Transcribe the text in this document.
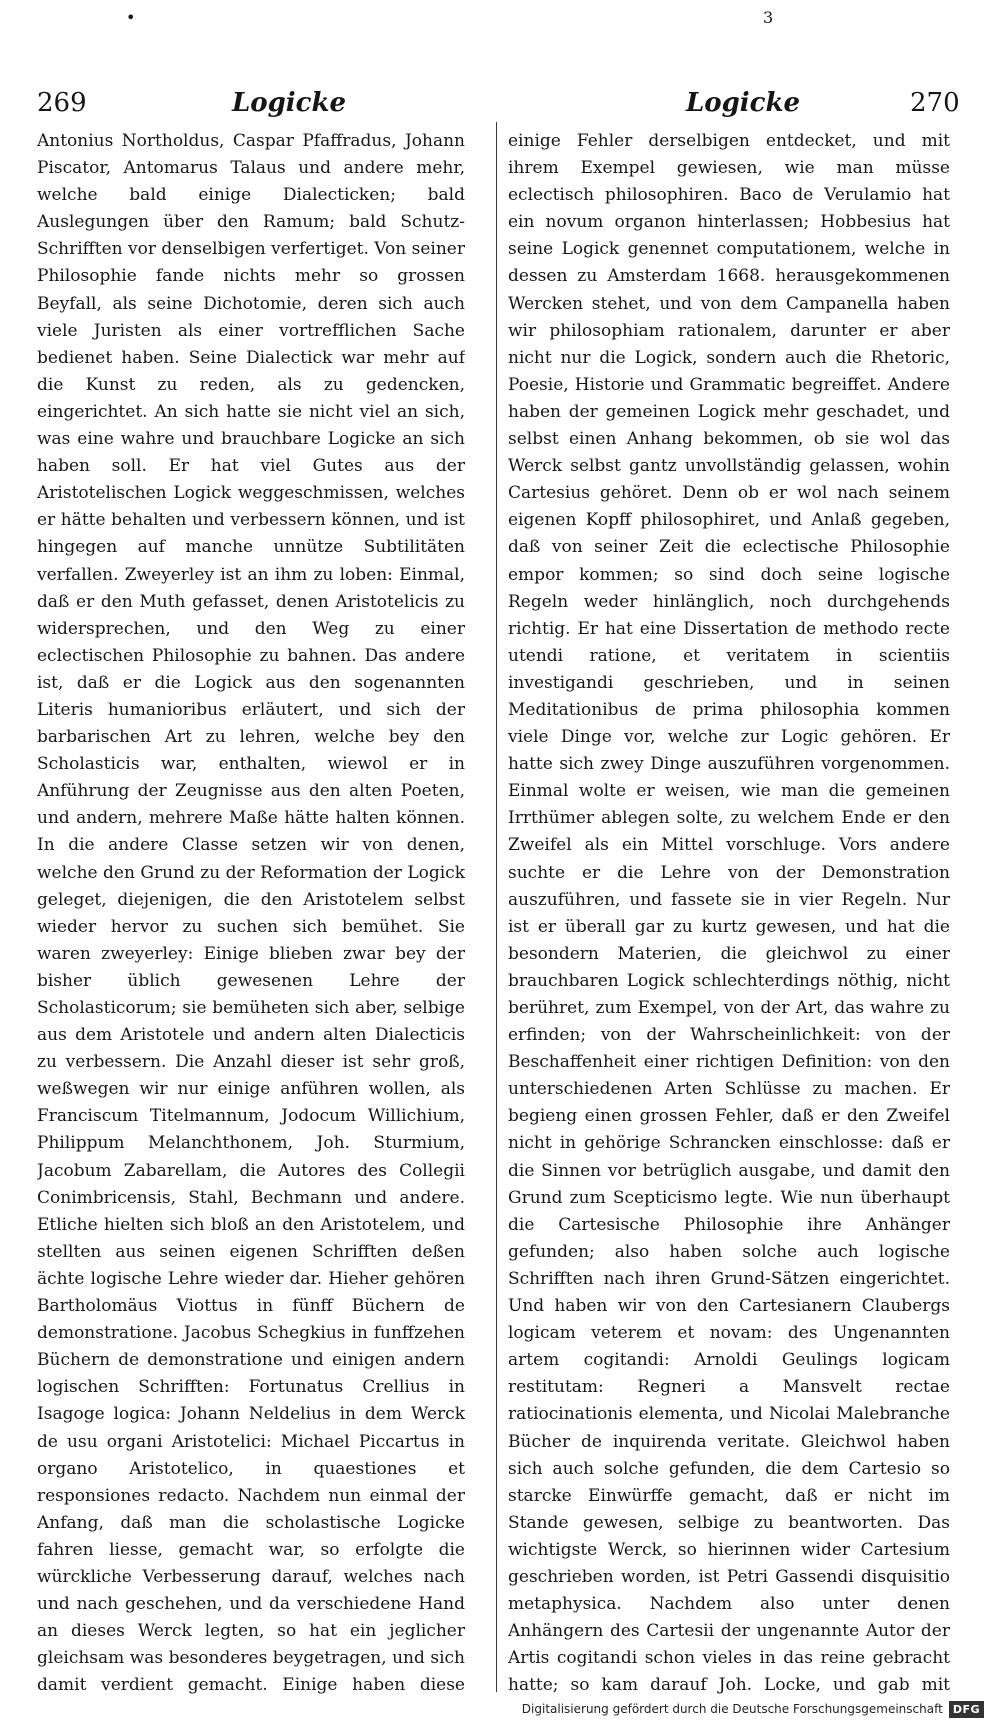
•	3
269	Logicke	Logicke	270

Antonius Northoldus, Caspar Pfaffradus, Johann Piscator, Antomarus Talaus und andere mehr, welche bald einige Dialecticken; bald Auslegungen über den Ramum; bald Schutz-Schrifften vor denselbigen verfertiget. Von seiner Philosophie fande nichts mehr so grossen Beyfall, als seine Dichotomie, deren sich auch viele Juristen als einer vortrefflichen Sache bedienet haben. Seine Dialectick war mehr auf die Kunst zu reden, als zu gedencken, eingerichtet. An sich hatte sie nicht viel an sich, was eine wahre und brauchbare Logicke an sich haben soll. Er hat viel Gutes aus der Aristotelischen Logick weggeschmissen, welches er hätte behalten und verbessern können, und ist hingegen auf manche unnütze Subtilitäten verfallen. Zweyerley ist an ihm zu loben: Einmal, daß er den Muth gefasset, denen Aristotelicis zu widersprechen, und den Weg zu einer eclectischen Philosophie zu bahnen. Das andere ist, daß er die Logick aus den sogenannten Literis humanioribus erläutert, und sich der barbarischen Art zu lehren, welche bey den Scholasticis war, enthalten, wiewol er in Anführung der Zeugnisse aus den alten Poeten, und andern, mehrere Maße hätte halten können. In die andere Classe setzen wir von denen, welche den Grund zu der Reformation der Logick geleget, diejenigen, die den Aristotelem selbst wieder hervor zu suchen sich bemühet. Sie waren zweyerley: Einige blieben zwar bey der bisher üblich gewesenen Lehre der Scholasticorum; sie bemüheten sich aber, selbige aus dem Aristotele und andern alten Dialecticis zu verbessern. Die Anzahl dieser ist sehr groß, weßwegen wir nur einige anführen wollen, als Franciscum Titelmannum, Jodocum Willichium, Philippum Melanchthonem, Joh. Sturmium, Jacobum Zabarellam, die Autores des Collegii Conimbricensis, Stahl, Bechmann und andere. Etliche hielten sich bloß an den Aristotelem, und stellten aus seinen eigenen Schrifften deßen ächte logische Lehre wieder dar. Hieher gehören Bartholomäus Viottus in fünff Büchern de demonstratione. Jacobus Schegkius in funffzehen Büchern de demonstratione und einigen andern logischen Schrifften: Fortunatus Crellius in Isagoge logica: Johann Neldelius in dem Werck de usu organi Aristotelici: Michael Piccartus in organo Aristotelico, in quaestiones et responsiones redacto. Nachdem nun einmal der Anfang, daß man die scholastische Logicke fahren liesse, gemacht war, so erfolgte die würckliche Verbesserung darauf, welches nach und nach geschehen, und da verschiedene Hand an dieses Werck legten, so hat ein jeglicher gleichsam was besonderes beygetragen, und sich damit verdient gemacht. Einige haben diese

einige Fehler derselbigen entdecket, und mit ihrem Exempel gewiesen, wie man müsse eclectisch philosophiren. Baco de Verulamio hat ein novum organon hinterlassen; Hobbesius hat seine Logick genennet computationem, welche in dessen zu Amsterdam 1668. herausgekommenen Wercken stehet, und von dem Campanella haben wir philosophiam rationalem, darunter er aber nicht nur die Logick, sondern auch die Rhetoric, Poesie, Historie und Grammatic begreiffet. Andere haben der gemeinen Logick mehr geschadet, und selbst einen Anhang bekommen, ob sie wol das Werck selbst gantz unvollständig gelassen, wohin Cartesius gehöret. Denn ob er wol nach seinem eigenen Kopff philosophiret, und Anlaß gegeben, daß von seiner Zeit die eclectische Philosophie empor kommen; so sind doch seine logische Regeln weder hinlänglich, noch durchgehends richtig. Er hat eine Dissertation de methodo recte utendi ratione, et veritatem in scientiis investigandi geschrieben, und in seinen Meditationibus de prima philosophia kommen viele Dinge vor, welche zur Logic gehören. Er hatte sich zwey Dinge auszuführen vorgenommen. Einmal wolte er weisen, wie man die gemeinen Irrthümer ablegen solte, zu welchem Ende er den Zweifel als ein Mittel vorschluge. Vors andere suchte er die Lehre von der Demonstration auszuführen, und fassete sie in vier Regeln. Nur ist er überall gar zu kurtz gewesen, und hat die besondern Materien, die gleichwol zu einer brauchbaren Logick schlechterdings nöthig, nicht berühret, zum Exempel, von der Art, das wahre zu erfinden; von der Wahrscheinlichkeit: von der Beschaffenheit einer richtigen Definition: von den unterschiedenen Arten Schlüsse zu machen. Er begieng einen grossen Fehler, daß er den Zweifel nicht in gehörige Schrancken einschlosse: daß er die Sinnen vor betrüglich ausgabe, und damit den Grund zum Scepticismo legte. Wie nun überhaupt die Cartesische Philosophie ihre Anhänger gefunden; also haben solche auch logische Schrifften nach ihren Grund-Sätzen eingerichtet. Und haben wir von den Cartesianern Claubergs logicam veterem et novam: des Ungenannten artem cogitandi: Arnoldi Geulings logicam restitutam: Regneri a Mansvelt rectae ratiocinationis elementa, und Nicolai Malebranche Bücher de inquirenda veritate. Gleichwol haben sich auch solche gefunden, die dem Cartesio so starcke Einwürffe gemacht, daß er nicht im Stande gewesen, selbige zu beantworten. Das wichtigste Werck, so hierinnen wider Cartesium geschrieben worden, ist Petri Gassendi disquisitio metaphysica. Nachdem also unter denen Anhängern des Cartesii der ungenannte Autor der Artis cogitandi schon vieles in das reine gebracht hatte; so kam darauf Joh. Locke, und gab mit

Digitalisierung gefördert durch die Deutsche Forschungsgemeinschaft DFG
